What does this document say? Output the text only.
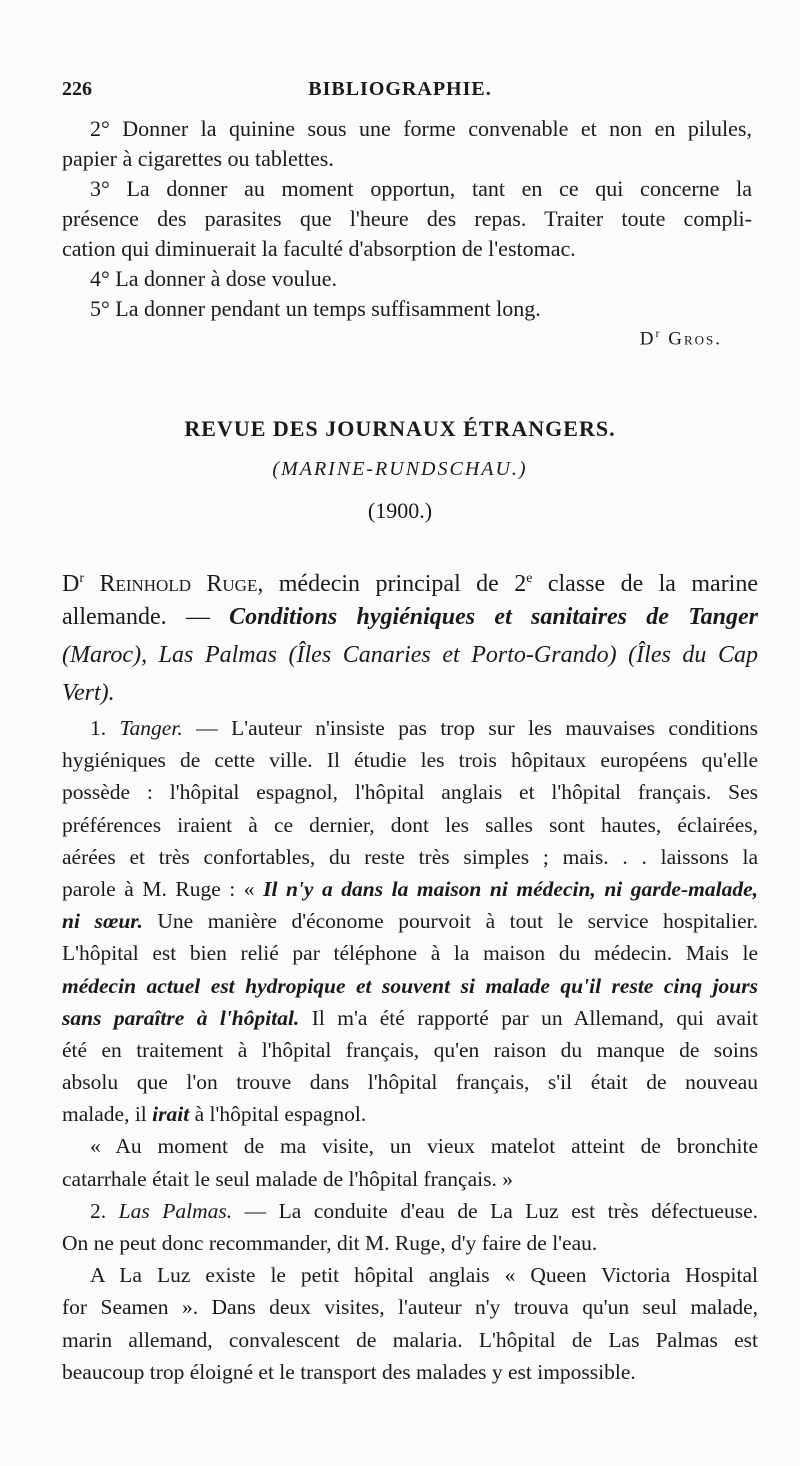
226	BIBLIOGRAPHIE.
2° Donner la quinine sous une forme convenable et non en pilules,
papier à cigarettes ou tablettes.
3° La donner au moment opportun, tant en ce qui concerne la
présence des parasites que l'heure des repas. Traiter toute compli-
cation qui diminuerait la faculté d'absorption de l'estomac.
4° La donner à dose voulue.
5° La donner pendant un temps suffisamment long.
$D^r$ Gros.
REVUE DES JOURNAUX ÉTRANGERS.
(MARINE-RUNDSCHAU.)
(1900.)
$D^r$ Reinhold Ruge, médecin principal de 2e classe de la marine
allemande. — Conditions hygiéniques et sanitaires de Tanger
(Maroc), Las Palmas (Îles Canaries et Porto-Grando) (Îles du Cap
Vert).
1. Tanger. — L'auteur n'insiste pas trop sur les mauvaises conditions
hygiéniques de cette ville. Il étudie les trois hôpitaux européens qu'elle
possède : l'hôpital espagnol, l'hôpital anglais et l'hôpital français. Ses
préférences iraient à ce dernier, dont les salles sont hautes, éclairées,
aérées et très confortables, du reste très simples ; mais. . . laissons la
parole à M. Ruge : « Il n'y a dans la maison ni médecin, ni garde-malade,
ni sœur. Une manière d'économe pourvoit à tout le service hospitalier.
L'hôpital est bien relié par téléphone à la maison du médecin. Mais le
médecin actuel est hydropique et souvent si malade qu'il reste cinq jours
sans paraître à l'hôpital. Il m'a été rapporté par un Allemand, qui avait
été en traitement à l'hôpital français, qu'en raison du manque de soins
absolu que l'on trouve dans l'hôpital français, s'il était de nouveau
malade, il irait à l'hôpital espagnol.
« Au moment de ma visite, un vieux matelot atteint de bronchite
catarrhale était le seul malade de l'hôpital français. »
2. Las Palmas. — La conduite d'eau de La Luz est très défectueuse.
On ne peut donc recommander, dit M. Ruge, d'y faire de l'eau.
A La Luz existe le petit hôpital anglais « Queen Victoria Hospital
for Seamen ». Dans deux visites, l'auteur n'y trouva qu'un seul malade,
marin allemand, convalescent de malaria. L'hôpital de Las Palmas est
beaucoup trop éloigné et le transport des malades y est impossible.
